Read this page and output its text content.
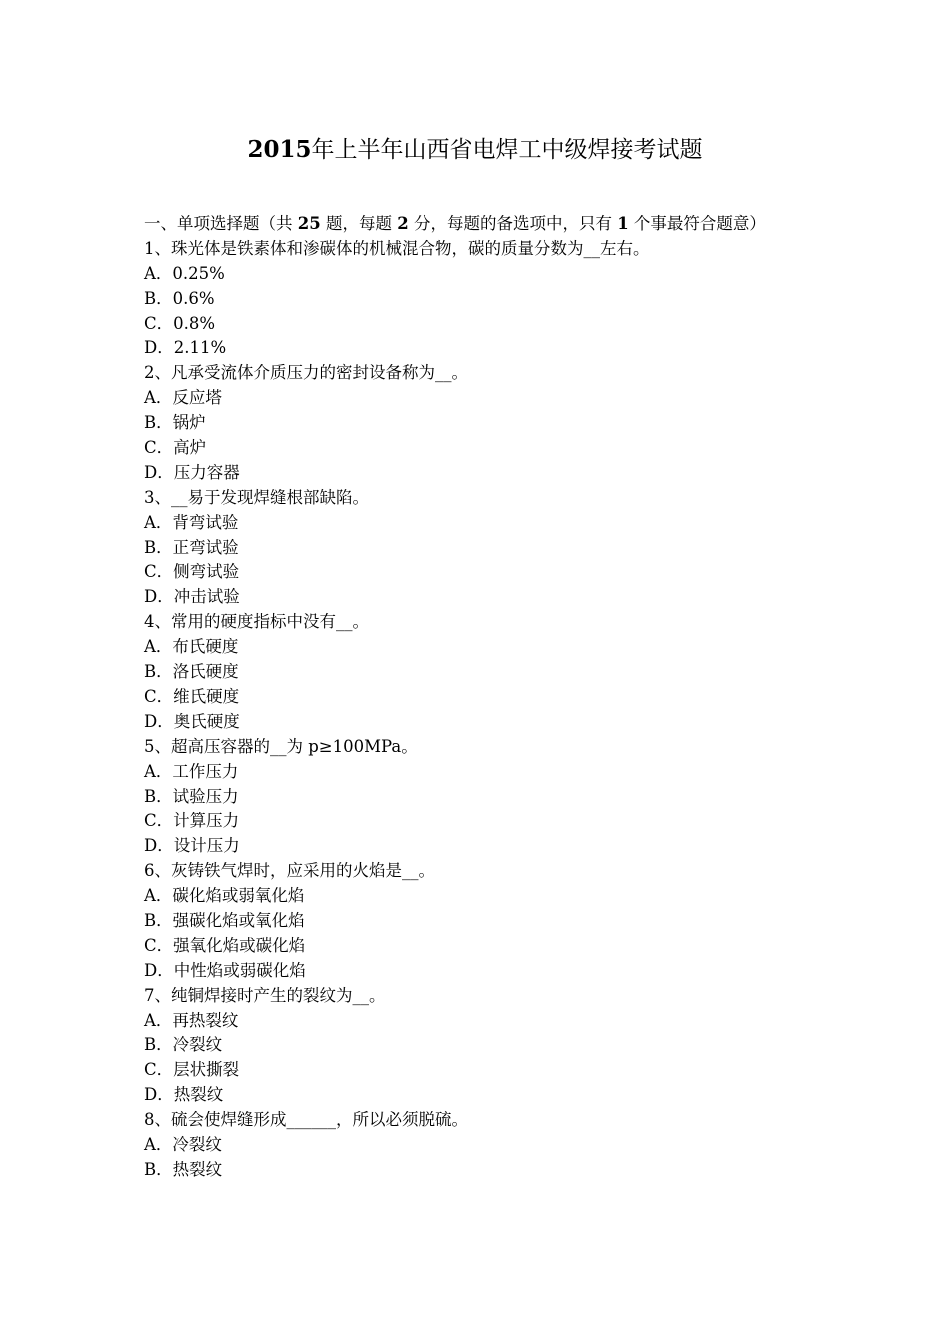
2015年上半年山西省电焊工中级焊接考试题
一、单项选择题（共 25 题，每题 2 分，每题的备选项中，只有 1 个事最符合题意）
1、珠光体是铁素体和渗碳体的机械混合物，碳的质量分数为__左右。
A．0.25%
B．0.6%
C．0.8%
D．2.11%
2、凡承受流体介质压力的密封设备称为__。
A．反应塔
B．锅炉
C．高炉
D．压力容器
3、__易于发现焊缝根部缺陷。
A．背弯试验
B．正弯试验
C．侧弯试验
D．冲击试验
4、常用的硬度指标中没有__。
A．布氏硬度
B．洛氏硬度
C．维氏硬度
D．奥氏硬度
5、超高压容器的__为 p≥100MPa。
A．工作压力
B．试验压力
C．计算压力
D．设计压力
6、灰铸铁气焊时，应采用的火焰是__。
A．碳化焰或弱氧化焰
B．强碳化焰或氧化焰
C．强氧化焰或碳化焰
D．中性焰或弱碳化焰
7、纯铜焊接时产生的裂纹为__。
A．再热裂纹
B．冷裂纹
C．层状撕裂
D．热裂纹
8、硫会使焊缝形成______，所以必须脱硫。
A．冷裂纹
B．热裂纹
